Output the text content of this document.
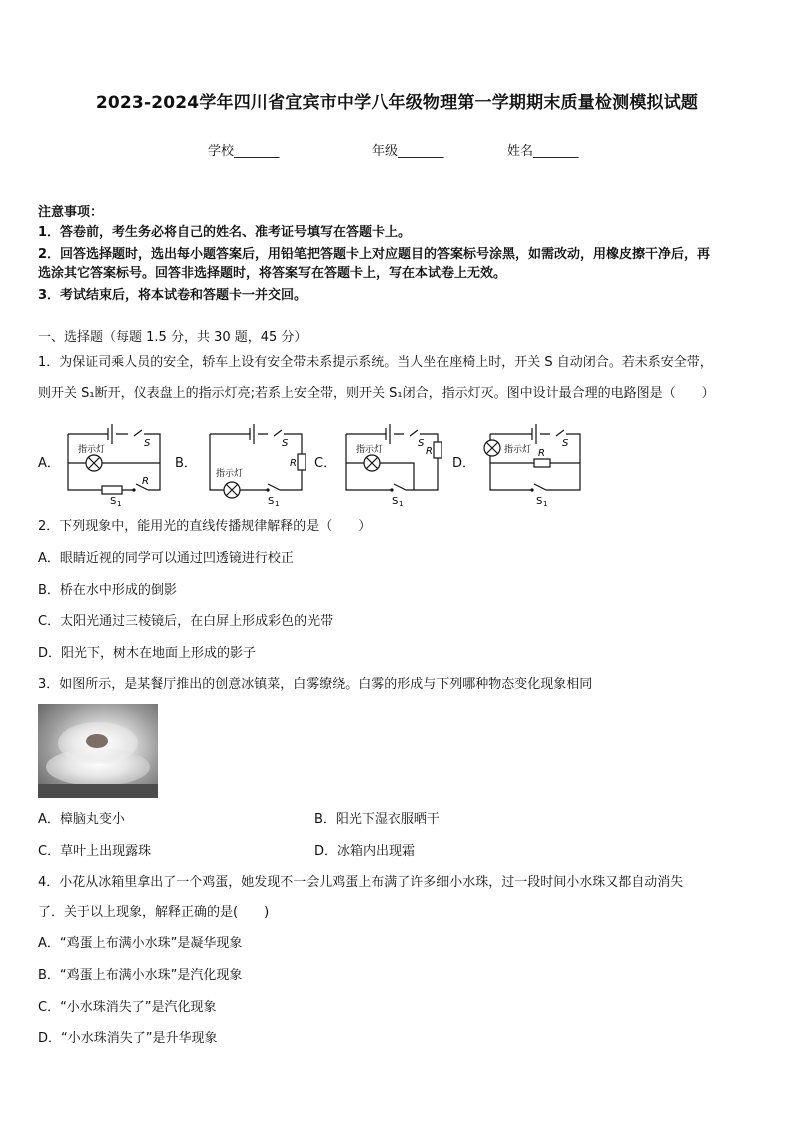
2023-2024学年四川省宜宾市中学八年级物理第一学期期末质量检测模拟试题
学校_______	年级_______	姓名_______
注意事项：
1．答卷前，考生务必将自己的姓名、准考证号填写在答题卡上。
2．回答选择题时，选出每小题答案后，用铅笔把答题卡上对应题目的答案标号涂黑，如需改动，用橡皮擦干净后，再
选涂其它答案标号。回答非选择题时，将答案写在答题卡上，写在本试卷上无效。
3．考试结束后，将本试卷和答题卡一并交回。
一、选择题（每题 1.5 分，共 30 题，45 分）
1．为保证司乘人员的安全，轿车上设有安全带未系提示系统。当人坐在座椅上时，开关 S 自动闭合。若未系安全带，
则开关 S₁断开，仪表盘上的指示灯亮;若系上安全带，则开关 S₁闭合，指示灯灭。图中设计最合理的电路图是（　　）
A．	B．	C．	D．
指示灯
S
R
S 1
指示灯
S
R
S 1
指示灯
S
R
S 1
指示灯
S
R
S 1
2．下列现象中，能用光的直线传播规律解释的是（　　）
A．眼睛近视的同学可以通过凹透镜进行校正
B．桥在水中形成的倒影
C．太阳光通过三棱镜后，在白屏上形成彩色的光带
D．阳光下，树木在地面上形成的影子
3．如图所示，是某餐厅推出的创意冰镇菜，白雾缭绕。白雾的形成与下列哪种物态变化现象相同
A．樟脑丸变小	B．阳光下湿衣服晒干
C．草叶上出现露珠	D．冰箱内出现霜
4．小花从冰箱里拿出了一个鸡蛋，她发现不一会儿鸡蛋上布满了许多细小水珠，过一段时间小水珠又都自动消失
了．关于以上现象，解释正确的是(　　)
A．“鸡蛋上布满小水珠”是凝华现象
B．“鸡蛋上布满小水珠”是汽化现象
C．“小水珠消失了”是汽化现象
D．“小水珠消失了”是升华现象
